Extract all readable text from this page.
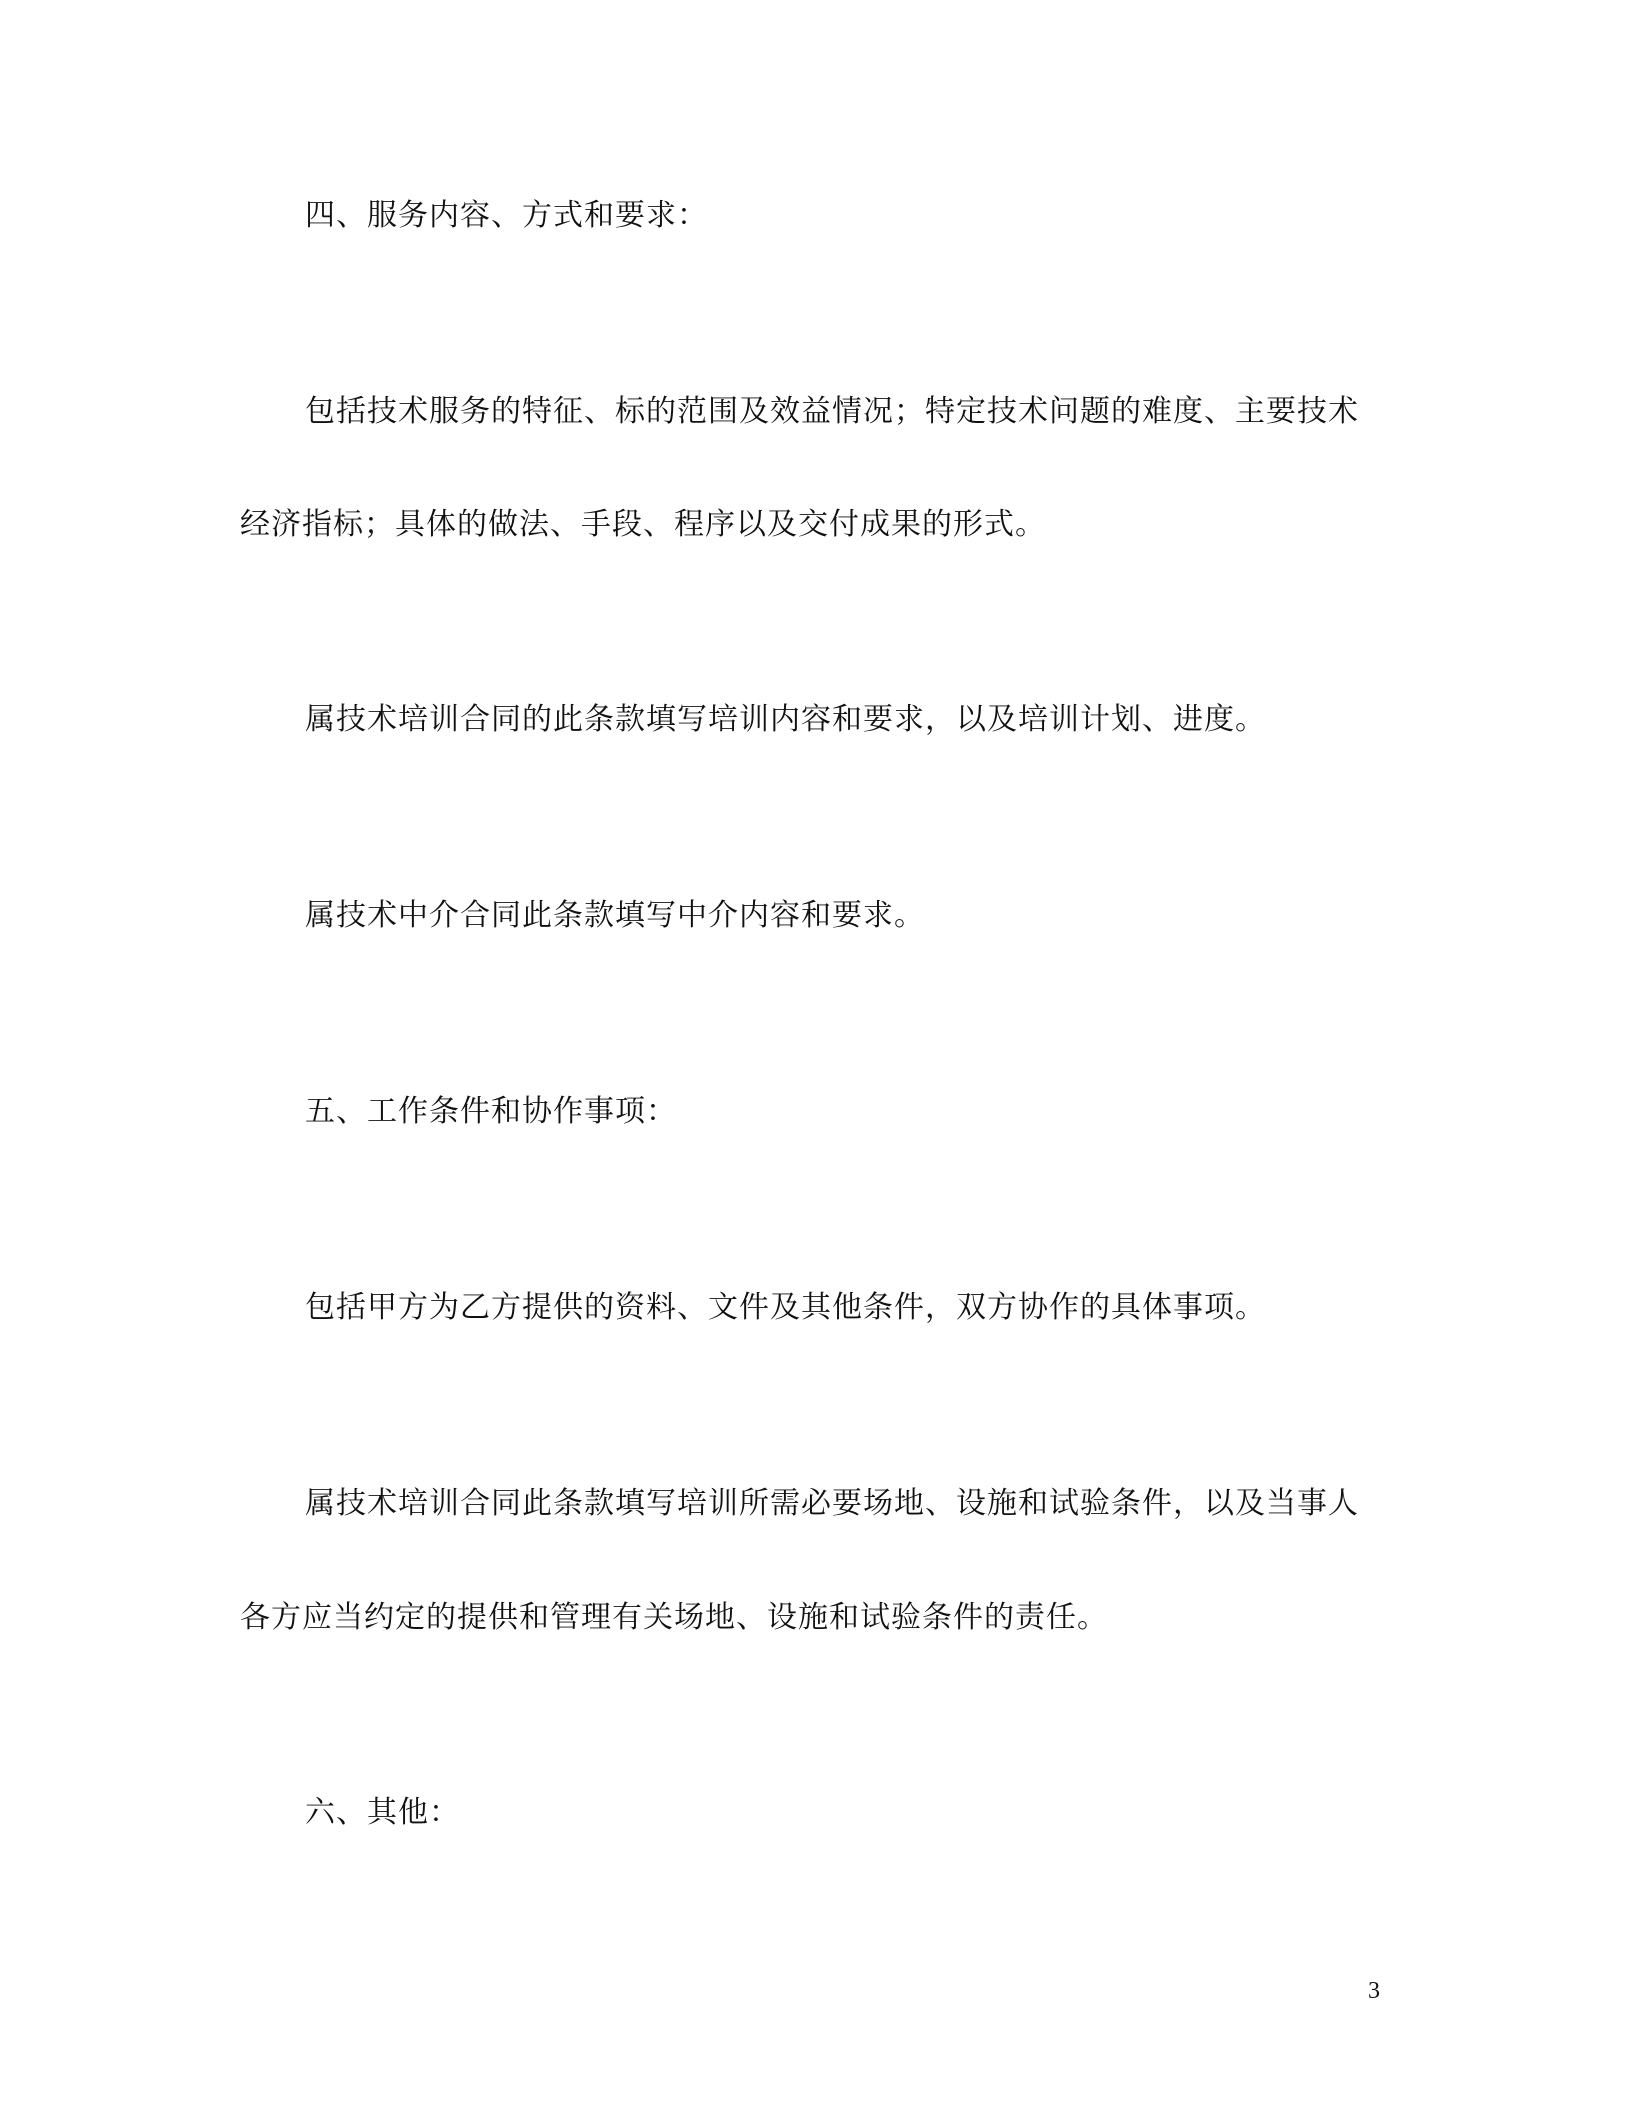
四、服务内容、方式和要求：
包括技术服务的特征、标的范围及效益情况；特定技术问题的难度、主要技术
经济指标；具体的做法、手段、程序以及交付成果的形式。
属技术培训合同的此条款填写培训内容和要求，以及培训计划、进度。
属技术中介合同此条款填写中介内容和要求。
五、工作条件和协作事项：
包括甲方为乙方提供的资料、文件及其他条件，双方协作的具体事项。
属技术培训合同此条款填写培训所需必要场地、设施和试验条件，以及当事人
各方应当约定的提供和管理有关场地、设施和试验条件的责任。
六、其他：
3
